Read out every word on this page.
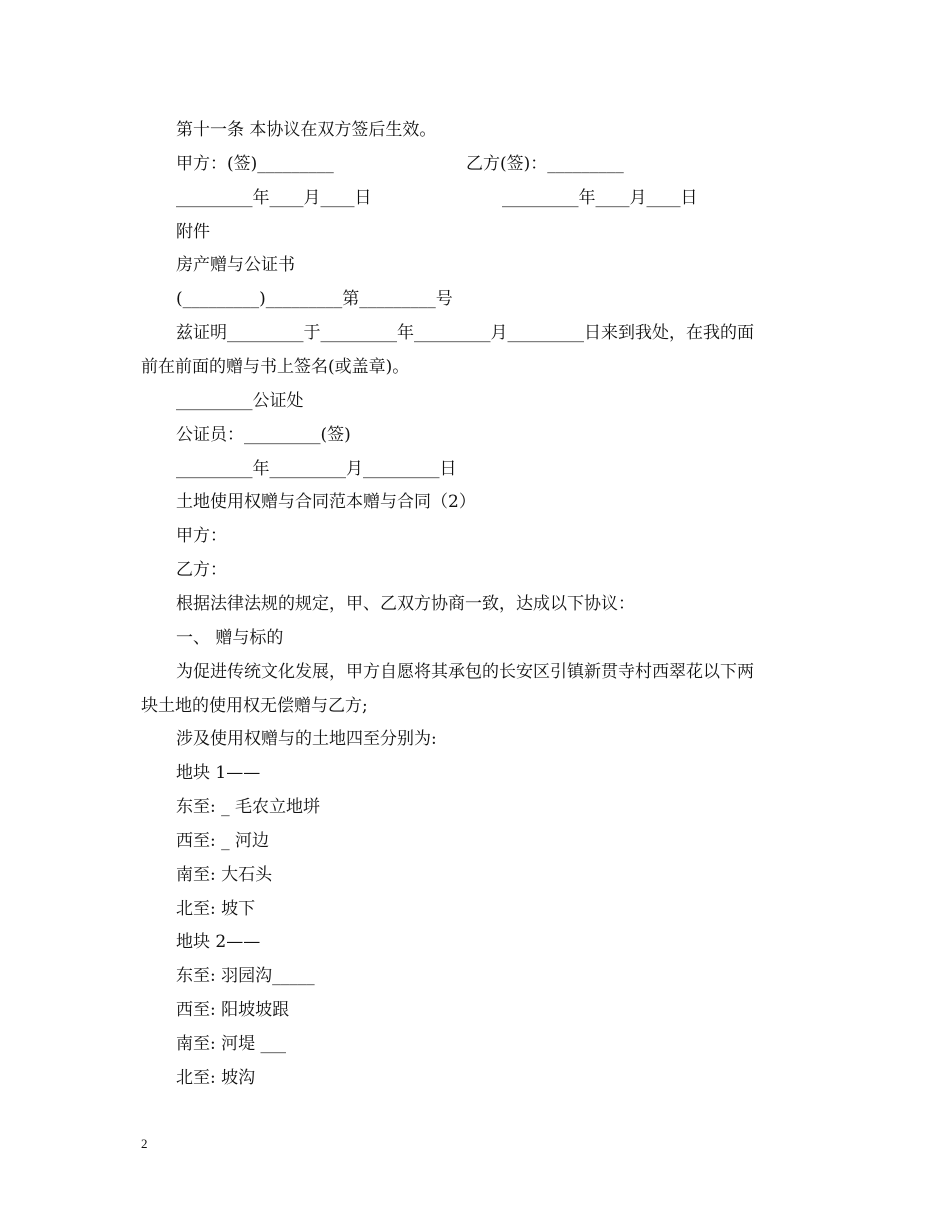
第十一条 本协议在双方签后生效。
甲方：(签)_________	乙方(签)：_________
_________年____月____日	_________年____月____日
附件
房产赠与公证书
(_________)_________第_________号
兹证明_________于_________年_________月_________日来到我处，在我的面
前在前面的赠与书上签名(或盖章)。
_________公证处
公证员：_________(签)
_________年_________月_________日
土地使用权赠与合同范本赠与合同（2）
甲方：
乙方：
根据法律法规的规定，甲、乙双方协商一致，达成以下协议：
一、 赠与标的
为促进传统文化发展，甲方自愿将其承包的长安区引镇新贯寺村西翠花以下两
块土地的使用权无偿赠与乙方;
涉及使用权赠与的土地四至分别为:
地块 1——
东至: _ 毛农立地垪
西至: _ 河边
南至: 大石头
北至: 坡下
地块 2——
东至: 羽园沟_____
西至: 阳坡坡跟
南至: 河堤 ___
北至: 坡沟
2
